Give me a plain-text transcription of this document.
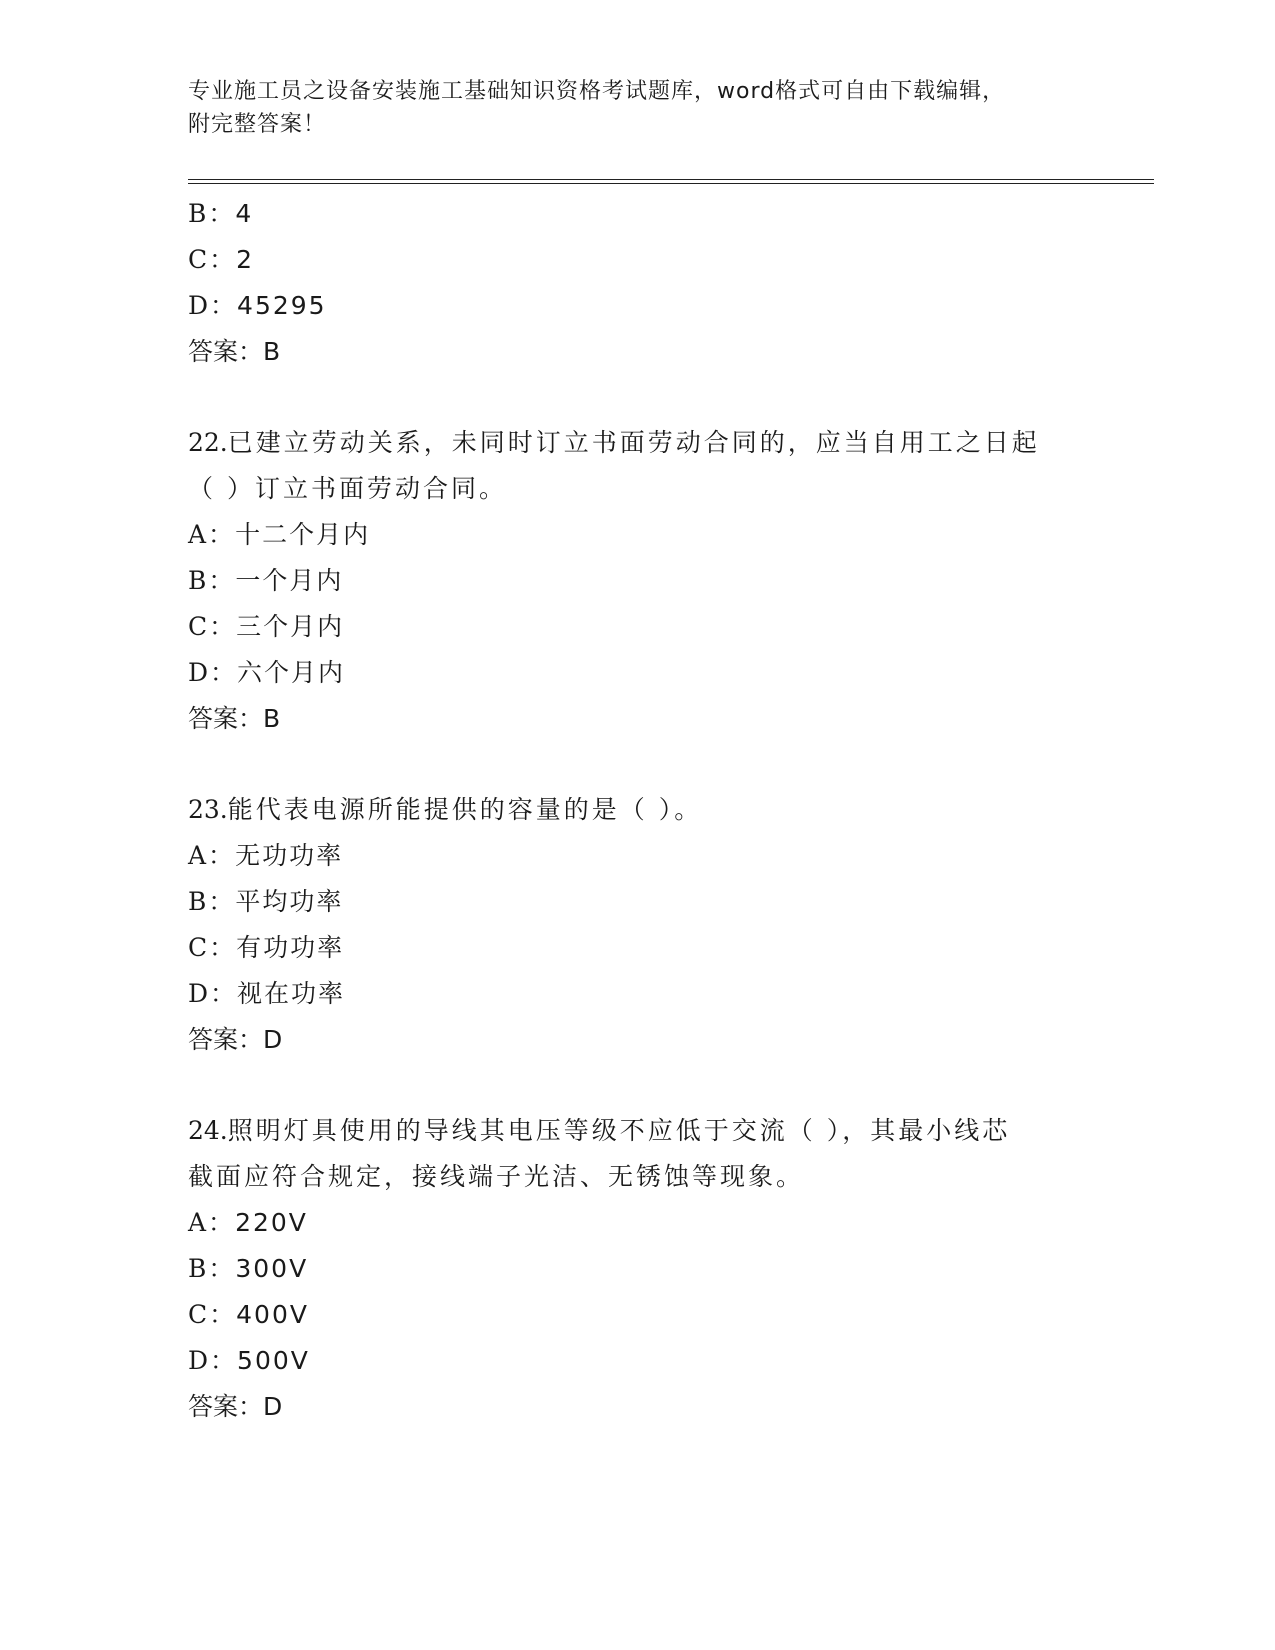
专业施工员之设备安装施工基础知识资格考试题库，word格式可自由下载编辑，
附完整答案！
B：4
C：2
D：45295
答案：B
22.已建立劳动关系，未同时订立书面劳动合同的，应当自用工之日起
（ ）订立书面劳动合同。
A：十二个月内
B：一个月内
C：三个月内
D：六个月内
答案：B
23.能代表电源所能提供的容量的是（ ）。
A：无功功率
B：平均功率
C：有功功率
D：视在功率
答案：D
24.照明灯具使用的导线其电压等级不应低于交流（ ），其最小线芯
截面应符合规定，接线端子光洁、无锈蚀等现象。
A：220V
B：300V
C：400V
D：500V
答案：D
